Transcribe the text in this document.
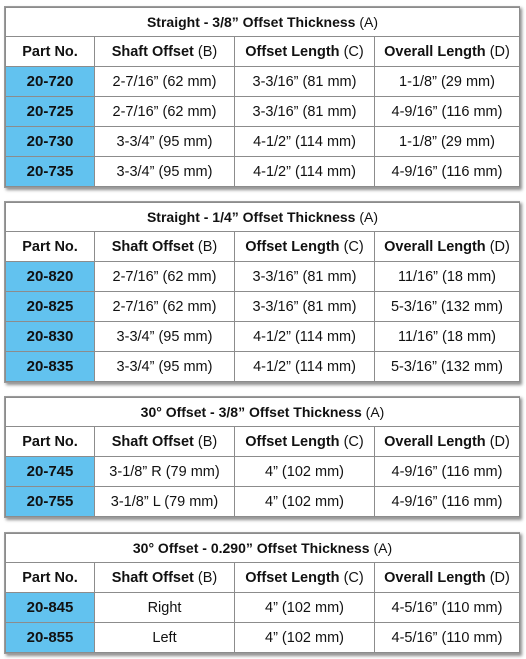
Straight - 3/8” Offset Thickness (A)			
Part No.	Shaft Offset (B)	Offset Length (C)	Overall Length (D)
20-720	2-7/16” (62 mm)	3-3/16” (81 mm)	1-1/8” (29 mm)
20-725	2-7/16” (62 mm)	3-3/16” (81 mm)	4-9/16” (116 mm)
20-730	3-3/4” (95 mm)	4-1/2” (114 mm)	1-1/8” (29 mm)
20-735	3-3/4” (95 mm)	4-1/2” (114 mm)	4-9/16” (116 mm)
Straight - 1/4” Offset Thickness (A)			
Part No.	Shaft Offset (B)	Offset Length (C)	Overall Length (D)
20-820	2-7/16” (62 mm)	3-3/16” (81 mm)	11/16” (18 mm)
20-825	2-7/16” (62 mm)	3-3/16” (81 mm)	5-3/16” (132 mm)
20-830	3-3/4” (95 mm)	4-1/2” (114 mm)	11/16” (18 mm)
20-835	3-3/4” (95 mm)	4-1/2” (114 mm)	5-3/16” (132 mm)
30° Offset - 3/8” Offset Thickness (A)			
Part No.	Shaft Offset (B)	Offset Length (C)	Overall Length (D)
20-745	3-1/8” R (79 mm)	4” (102 mm)	4-9/16” (116 mm)
20-755	3-1/8” L (79 mm)	4” (102 mm)	4-9/16” (116 mm)
30° Offset - 0.290” Offset Thickness (A)			
Part No.	Shaft Offset (B)	Offset Length (C)	Overall Length (D)
20-845	Right	4” (102 mm)	4-5/16” (110 mm)
20-855	Left	4” (102 mm)	4-5/16” (110 mm)
